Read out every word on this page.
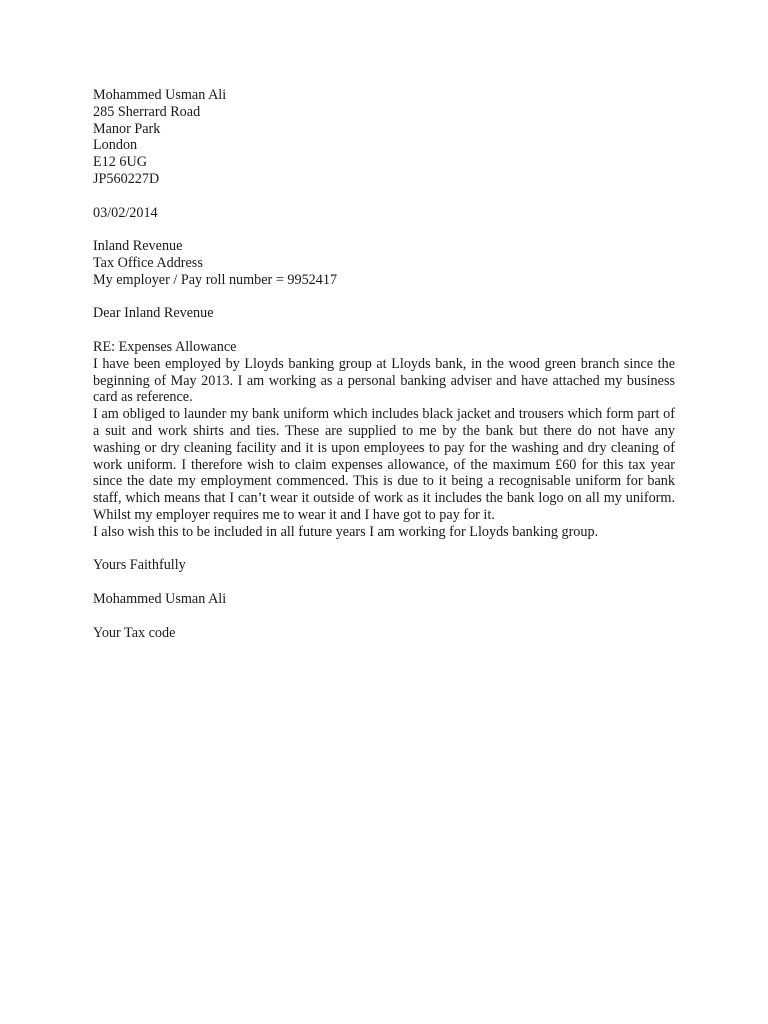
Mohammed Usman Ali
285 Sherrard Road
Manor Park
London
E12 6UG
JP560227D
03/02/2014
Inland Revenue
Tax Office Address
My employer / Pay roll number = 9952417
Dear Inland Revenue
RE: Expenses Allowance

I have been employed by Lloyds banking group at Lloyds bank, in the wood green branch since the beginning of May 2013. I am working as a personal banking adviser and have attached my business card as reference.

I am obliged to launder my bank uniform which includes black jacket and trousers which form part of a suit and work shirts and ties. These are supplied to me by the bank but there do not have any washing or dry cleaning facility and it is upon employees to pay for the washing and dry cleaning of work uniform. I therefore wish to claim expenses allowance, of the maximum £60 for this tax year since the date my employment commenced. This is due to it being a recognisable uniform for bank staff, which means that I can’t wear it outside of work as it includes the bank logo on all my uniform. Whilst my employer requires me to wear it and I have got to pay for it.

I also wish this to be included in all future years I am working for Lloyds banking group.

Yours Faithfully
Mohammed Usman Ali
Your Tax code
